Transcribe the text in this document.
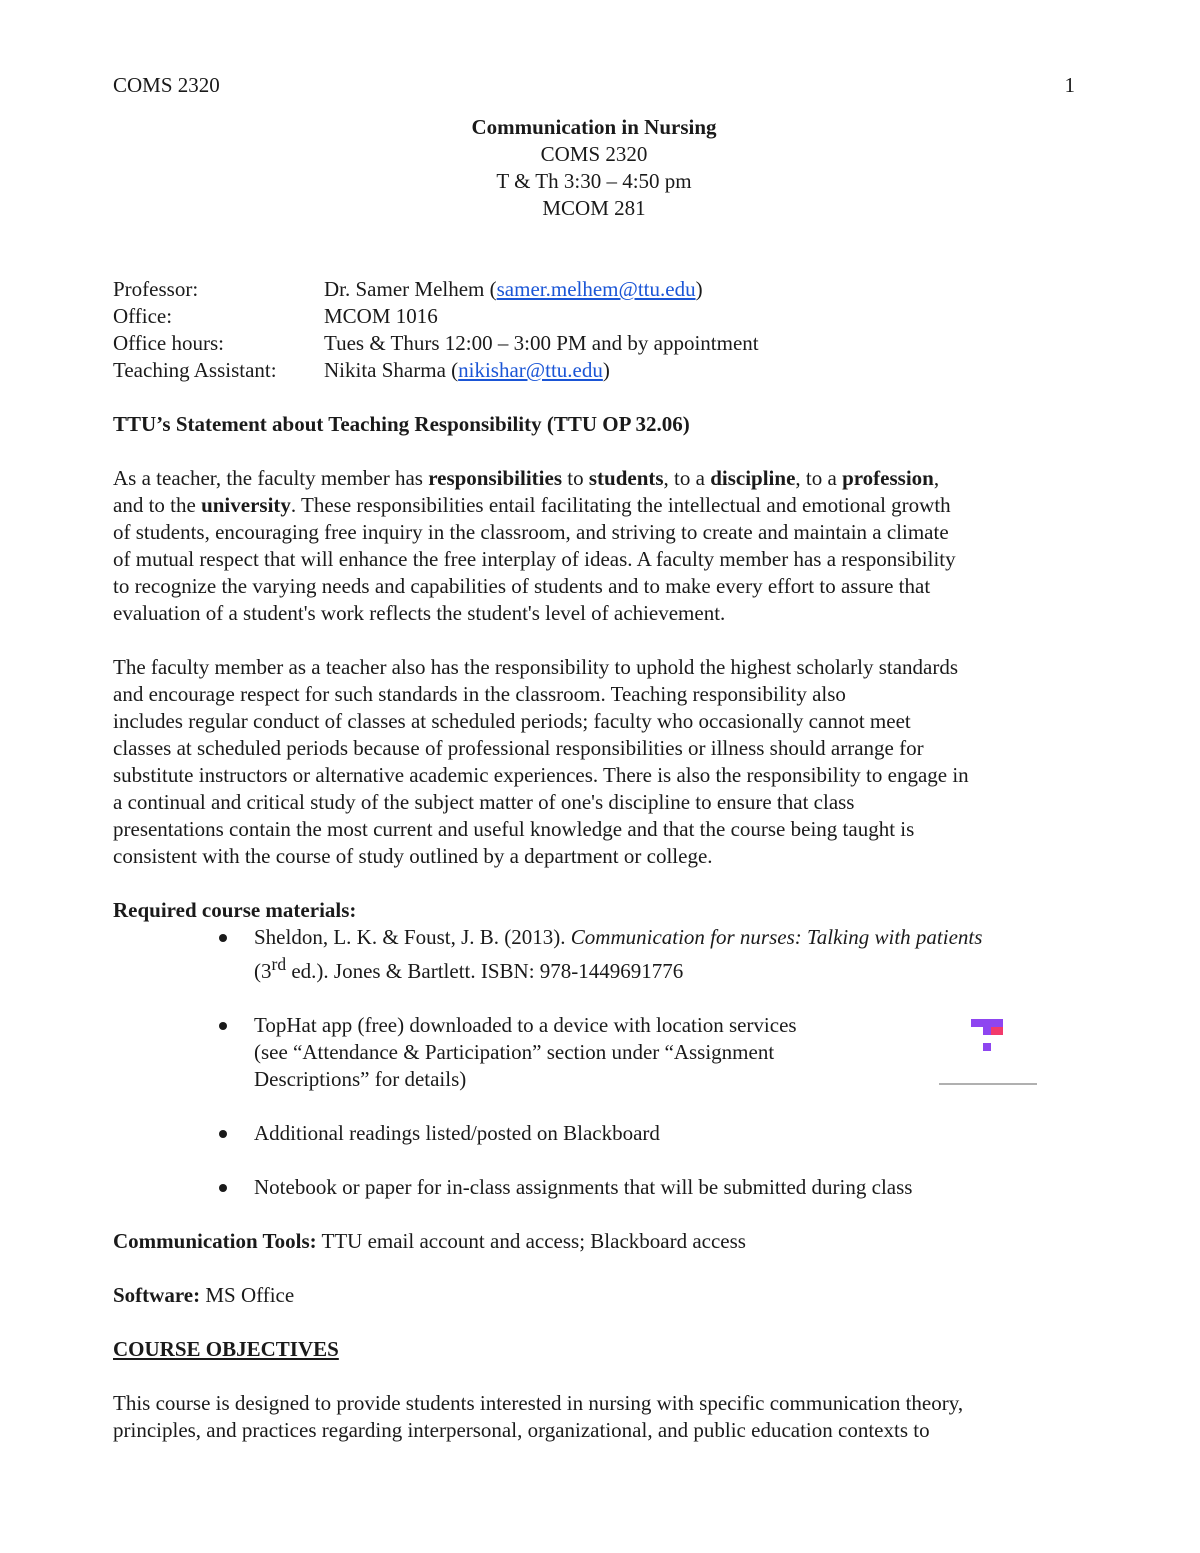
COMS 2320	1
Communication in Nursing
COMS 2320
T & Th 3:30 – 4:50 pm
MCOM 281
Professor:	Dr. Samer Melhem (samer.melhem@ttu.edu)
Office:	MCOM 1016
Office hours:	Tues & Thurs 12:00 – 3:00 PM and by appointment
Teaching Assistant:	Nikita Sharma (nikishar@ttu.edu)
TTU’s Statement about Teaching Responsibility (TTU OP 32.06)
As a teacher, the faculty member has responsibilities to students, to a discipline, to a profession,
and to the university. These responsibilities entail facilitating the intellectual and emotional growth
of students, encouraging free inquiry in the classroom, and striving to create and maintain a climate
of mutual respect that will enhance the free interplay of ideas. A faculty member has a responsibility
to recognize the varying needs and capabilities of students and to make every effort to assure that
evaluation of a student's work reflects the student's level of achievement.
The faculty member as a teacher also has the responsibility to uphold the highest scholarly standards
and encourage respect for such standards in the classroom. Teaching responsibility also
includes regular conduct of classes at scheduled periods; faculty who occasionally cannot meet
classes at scheduled periods because of professional responsibilities or illness should arrange for
substitute instructors or alternative academic experiences. There is also the responsibility to engage in
a continual and critical study of the subject matter of one's discipline to ensure that class
presentations contain the most current and useful knowledge and that the course being taught is
consistent with the course of study outlined by a department or college.
Required course materials:
Sheldon, L. K. & Foust, J. B. (2013). Communication for nurses: Talking with patients
(3rd ed.). Jones & Bartlett. ISBN: 978-1449691776
TopHat app (free) downloaded to a device with location services
(see “Attendance & Participation” section under “Assignment
Descriptions” for details)
Additional readings listed/posted on Blackboard
Notebook or paper for in-class assignments that will be submitted during class
Communication Tools: TTU email account and access; Blackboard access
Software: MS Office
COURSE OBJECTIVES
This course is designed to provide students interested in nursing with specific communication theory,
principles, and practices regarding interpersonal, organizational, and public education contexts to
